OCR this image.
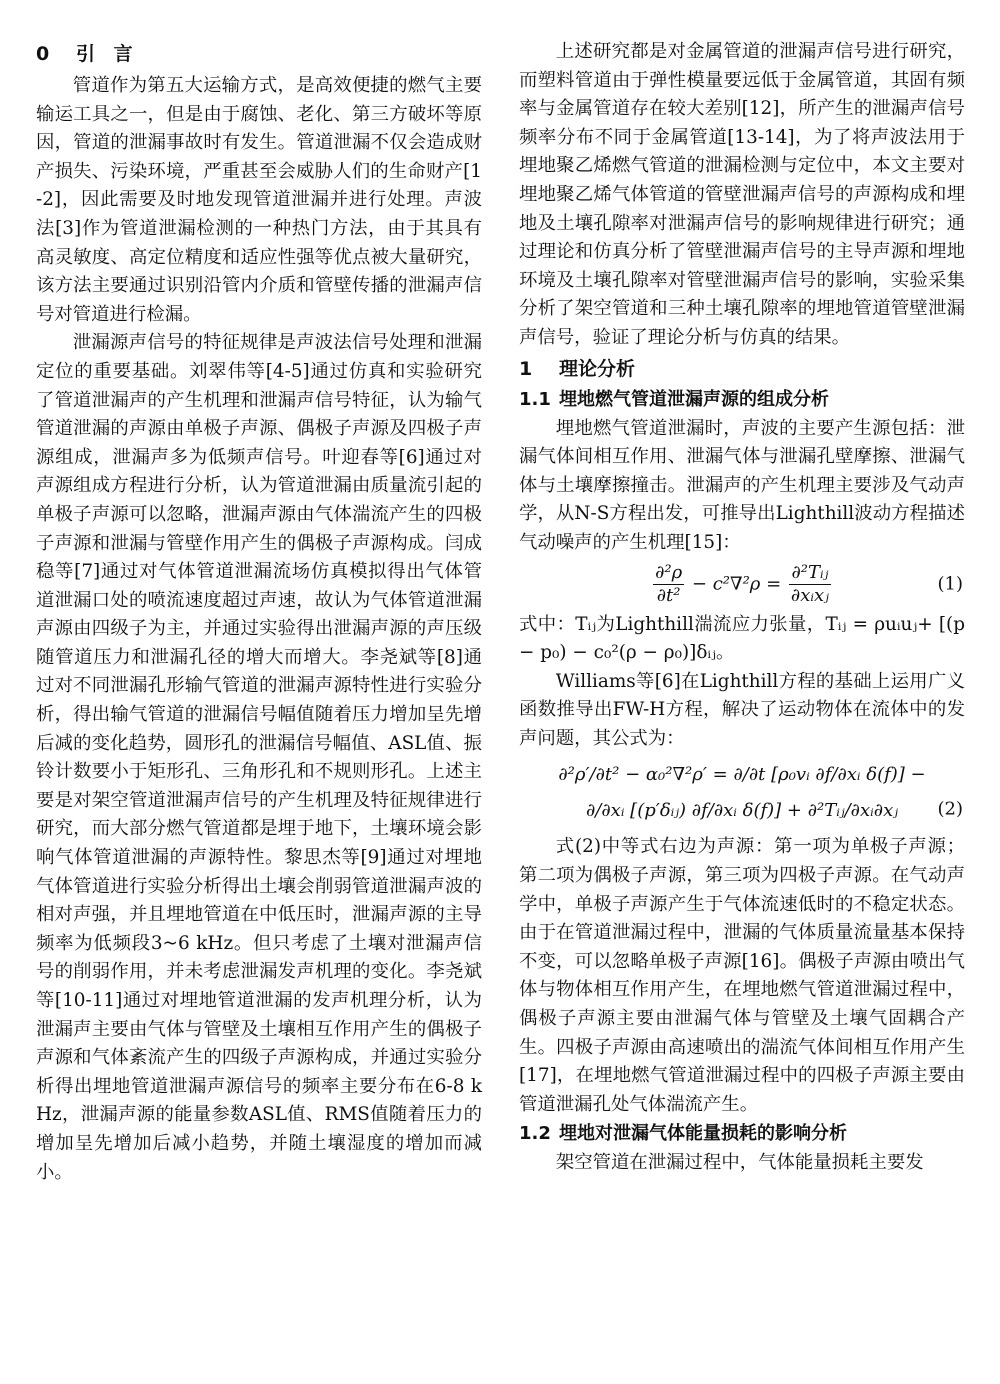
0 引 言

管道作为第五大运输方式，是高效便捷的燃气主要输运工具之一，但是由于腐蚀、老化、第三方破坏等原因，管道的泄漏事故时有发生。管道泄漏不仅会造成财产损失、污染环境，严重甚至会威胁人们的生命财产[1-2]，因此需要及时地发现管道泄漏并进行处理。声波法[3]作为管道泄漏检测的一种热门方法，由于其具有高灵敏度、高定位精度和适应性强等优点被大量研究，该方法主要通过识别沿管内介质和管壁传播的泄漏声信号对管道进行检漏。

泄漏源声信号的特征规律是声波法信号处理和泄漏定位的重要基础。刘翠伟等[4-5]通过仿真和实验研究了管道泄漏声的产生机理和泄漏声信号特征，认为输气管道泄漏的声源由单极子声源、偶极子声源及四极子声源组成，泄漏声多为低频声信号。叶迎春等[6]通过对声源组成方程进行分析，认为管道泄漏由质量流引起的单极子声源可以忽略，泄漏声源由气体湍流产生的四极子声源和泄漏与管壁作用产生的偶极子声源构成。闫成稳等[7]通过对气体管道泄漏流场仿真模拟得出气体管道泄漏口处的喷流速度超过声速，故认为气体管道泄漏声源由四级子为主，并通过实验得出泄漏声源的声压级随管道压力和泄漏孔径的增大而增大。李尧斌等[8]通过对不同泄漏孔形输气管道的泄漏声源特性进行实验分析，得出输气管道的泄漏信号幅值随着压力增加呈先增后减的变化趋势，圆形孔的泄漏信号幅值、ASL值、振铃计数要小于矩形孔、三角形孔和不规则形孔。上述主要是对架空管道泄漏声信号的产生机理及特征规律进行研究，而大部分燃气管道都是埋于地下，土壤环境会影响气体管道泄漏的声源特性。黎思杰等[9]通过对埋地气体管道进行实验分析得出土壤会削弱管道泄漏声波的相对声强，并且埋地管道在中低压时，泄漏声源的主导频率为低频段3~6 kHz。但只考虑了土壤对泄漏声信号的削弱作用，并未考虑泄漏发声机理的变化。李尧斌等[10-11]通过对埋地管道泄漏的发声机理分析，认为泄漏声主要由气体与管壁及土壤相互作用产生的偶极子声源和气体紊流产生的四级子声源构成，并通过实验分析得出埋地管道泄漏声源信号的频率主要分布在6-8 kHz，泄漏声源的能量参数ASL值、RMS值随着压力的增加呈先增加后减小趋势，并随土壤湿度的增加而减小。

上述研究都是对金属管道的泄漏声信号进行研究，而塑料管道由于弹性模量要远低于金属管道，其固有频率与金属管道存在较大差别[12]，所产生的泄漏声信号频率分布不同于金属管道[13-14]，为了将声波法用于埋地聚乙烯燃气管道的泄漏检测与定位中，本文主要对埋地聚乙烯气体管道的管壁泄漏声信号的声源构成和埋地及土壤孔隙率对泄漏声信号的影响规律进行研究；通过理论和仿真分析了管壁泄漏声信号的主导声源和埋地环境及土壤孔隙率对管壁泄漏声信号的影响，实验采集分析了架空管道和三种土壤孔隙率的埋地管道管壁泄漏声信号，验证了理论分析与仿真的结果。

1 理论分析
1.1 埋地燃气管道泄漏声源的组成分析

埋地燃气管道泄漏时，声波的主要产生源包括：泄漏气体间相互作用、泄漏气体与泄漏孔壁摩擦、泄漏气体与土壤摩擦撞击。泄漏声的产生机理主要涉及气动声学，从N-S方程出发，可推导出Lighthill波动方程描述气动噪声的产生机理[15]：

$\frac{\text{∂²ρ}}{\text{∂t²}} - c^2\nabla^2\rho = \frac{\text{∂²Tᵢⱼ}}{\text{∂xᵢxⱼ}}$	(1)

式中：Tᵢⱼ为Lighthill湍流应力张量，Tᵢⱼ = ρuᵢuⱼ+ [(p − p₀) − c₀²(ρ − ρ₀)]δᵢⱼ。

Williams等[6]在Lighthill方程的基础上运用广义函数推导出FW-H方程，解决了运动物体在流体中的发声问题，其公式为：

∂²ρ′/∂t² − α₀²∇²ρ′ = ∂/∂t [ρ₀vᵢ ∂f/∂xᵢ δ(f)] −
∂/∂xᵢ [(p′δᵢⱼ) ∂f/∂xᵢ δ(f)] + ∂²Tᵢⱼ/∂xᵢ∂xⱼ	(2)

式(2)中等式右边为声源：第一项为单极子声源；第二项为偶极子声源，第三项为四极子声源。在气动声学中，单极子声源产生于气体流速低时的不稳定状态。由于在管道泄漏过程中，泄漏的气体质量流量基本保持不变，可以忽略单极子声源[16]。偶极子声源由喷出气体与物体相互作用产生，在埋地燃气管道泄漏过程中，偶极子声源主要由泄漏气体与管壁及土壤气固耦合产生。四极子声源由高速喷出的湍流气体间相互作用产生[17]，在埋地燃气管道泄漏过程中的四极子声源主要由管道泄漏孔处气体湍流产生。

1.2 埋地对泄漏气体能量损耗的影响分析

架空管道在泄漏过程中，气体能量损耗主要发
